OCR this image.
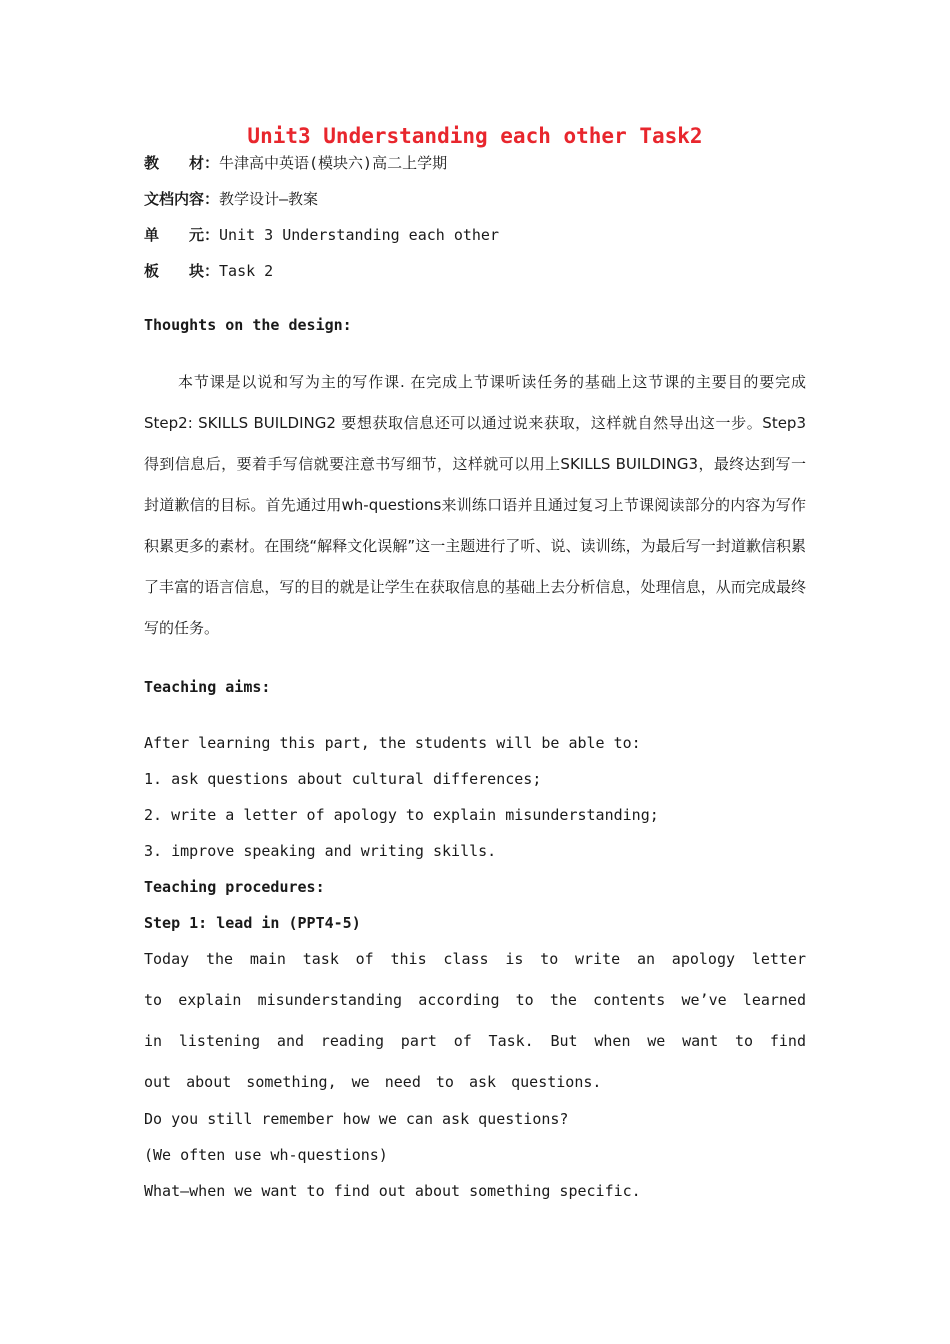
Unit3 Understanding each other Task2
教　　材：牛津高中英语(模块六)高二上学期
文档内容：教学设计—教案
单　　元：Unit 3 Understanding each other
板　　块：Task 2
Thoughts on the design:
本节课是以说和写为主的写作课. 在完成上节课听读任务的基础上这节课的主要目的要完成Step2: SKILLS BUILDING2 要想获取信息还可以通过说来获取，这样就自然导出这一步。Step3 得到信息后，要着手写信就要注意书写细节，这样就可以用上SKILLS BUILDING3，最终达到写一封道歉信的目标。首先通过用wh-questions来训练口语并且通过复习上节课阅读部分的内容为写作积累更多的素材。在围绕“解释文化误解”这一主题进行了听、说、读训练，为最后写一封道歉信积累了丰富的语言信息，写的目的就是让学生在获取信息的基础上去分析信息，处理信息，从而完成最终写的任务。
Teaching aims:
After learning this part, the students will be able to:
1. ask questions about cultural differences;
2. write a letter of apology to explain misunderstanding;
3. improve speaking and writing skills.
Teaching procedures:
Step 1: lead in (PPT4-5)
Today the main task of this class is to write an apology letter to explain misunderstanding according to the contents we’ve learned in listening and reading part of Task. But when we want to find out about something, we need to ask questions.
Do you still remember how we can ask questions?
(We often use wh-questions)
What—when we want to find out about something specific.
